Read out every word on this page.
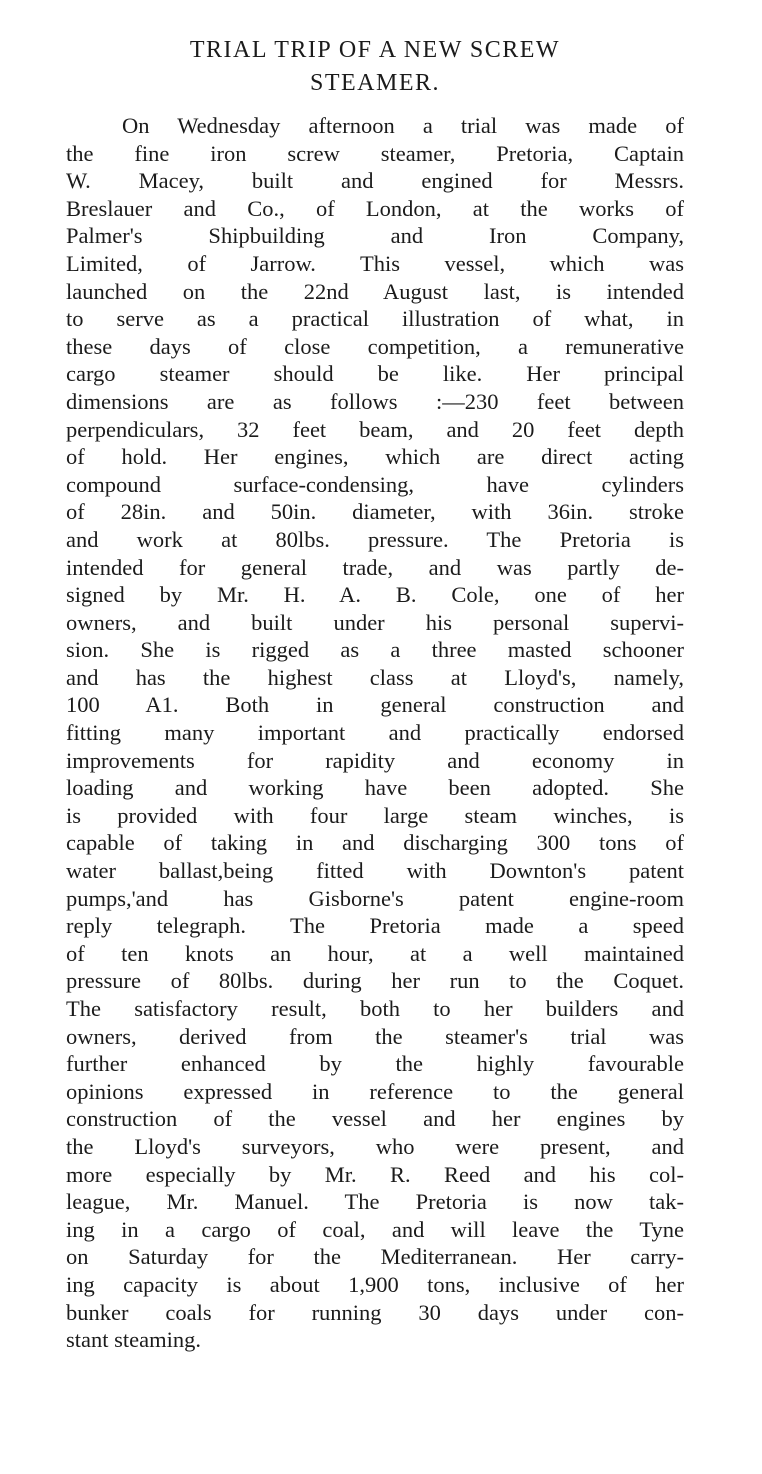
TRIAL TRIP OF A NEW SCREW
STEAMER.
On Wednesday afternoon a trial was made of
the fine iron screw steamer, Pretoria, Captain
W. Macey, built and engined for Messrs.
Breslauer and Co., of London, at the works of
Palmer's Shipbuilding and Iron Company,
Limited, of Jarrow. This vessel, which was
launched on the 22nd August last, is intended
to serve as a practical illustration of what, in
these days of close competition, a remunerative
cargo steamer should be like. Her principal
dimensions are as follows :—230 feet between
perpendiculars, 32 feet beam, and 20 feet depth
of hold. Her engines, which are direct acting
compound surface-condensing, have cylinders
of 28in. and 50in. diameter, with 36in. stroke
and work at 80lbs. pressure. The Pretoria is
intended for general trade, and was partly de-
signed by Mr. H. A. B. Cole, one of her
owners, and built under his personal supervi-
sion. She is rigged as a three masted schooner
and has the highest class at Lloyd's, namely,
100 A1. Both in general construction and
fitting many important and practically endorsed
improvements for rapidity and economy in
loading and working have been adopted. She
is provided with four large steam winches, is
capable of taking in and discharging 300 tons of
water ballast,being fitted with Downton's patent
pumps,'and has Gisborne's patent engine-room
reply telegraph. The Pretoria made a speed
of ten knots an hour, at a well maintained
pressure of 80lbs. during her run to the Coquet.
The satisfactory result, both to her builders and
owners, derived from the steamer's trial was
further enhanced by the highly favourable
opinions expressed in reference to the general
construction of the vessel and her engines by
the Lloyd's surveyors, who were present, and
more especially by Mr. R. Reed and his col-
league, Mr. Manuel. The Pretoria is now tak-
ing in a cargo of coal, and will leave the Tyne
on Saturday for the Mediterranean. Her carry-
ing capacity is about 1,900 tons, inclusive of her
bunker coals for running 30 days under con-
stant steaming.
